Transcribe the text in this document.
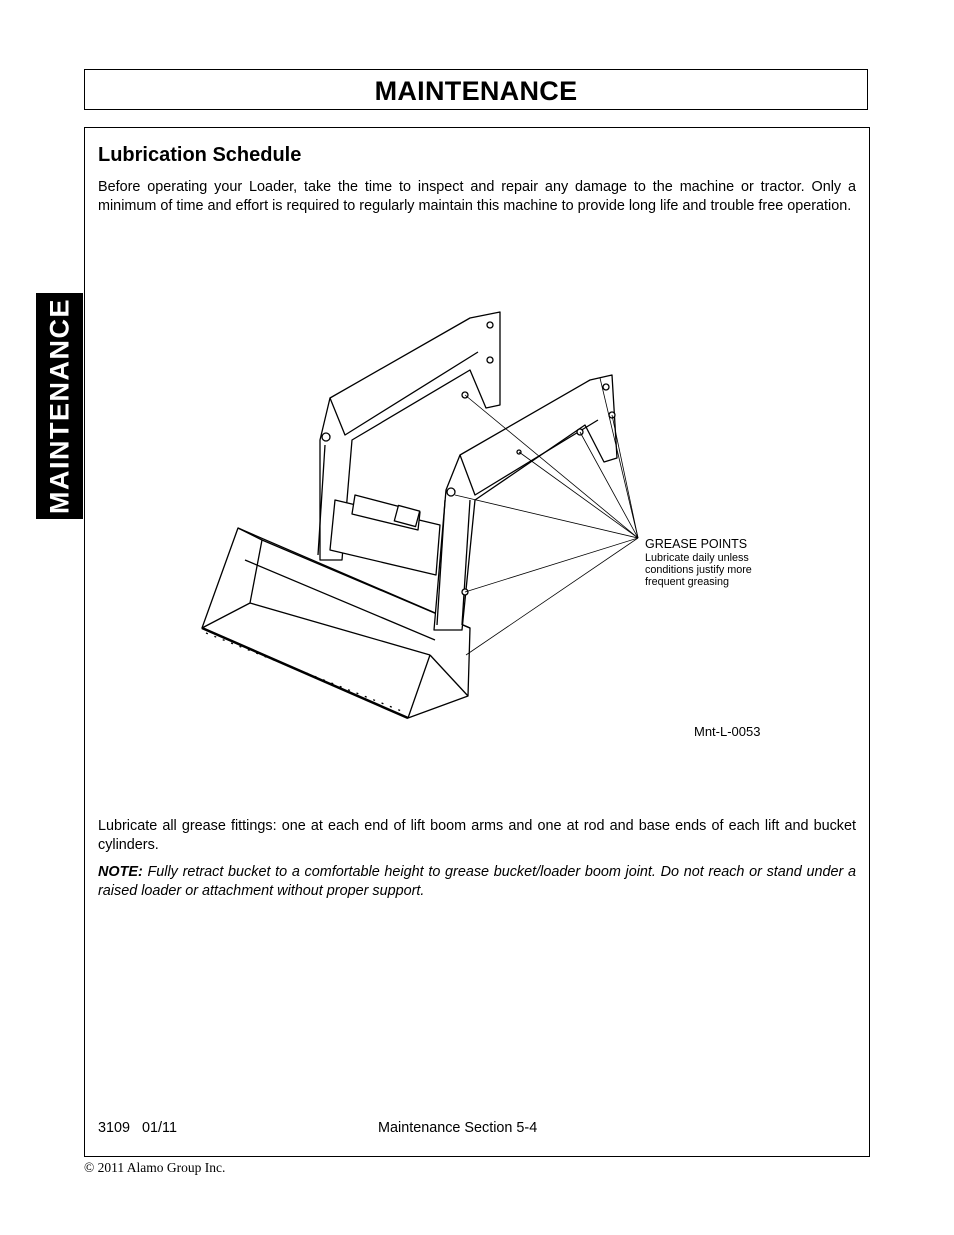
MAINTENANCE
MAINTENANCE
Lubrication Schedule

Before operating your Loader, take the time to inspect and repair any damage to the machine or tractor. Only a minimum of time and effort is required to regularly maintain this machine to provide long life and trouble free operation.

GREASE POINTS
Lubricate daily unless conditions justify more frequent greasing
Mnt-L-0053

Lubricate all grease fittings: one at each end of lift boom arms and one at rod and base ends of each lift and bucket cylinders.

NOTE: Fully retract bucket to a comfortable height to grease bucket/loader boom joint. Do not reach or stand under a raised loader or attachment without proper support.

3109   01/11	Maintenance Section 5-4
© 2011 Alamo Group Inc.
